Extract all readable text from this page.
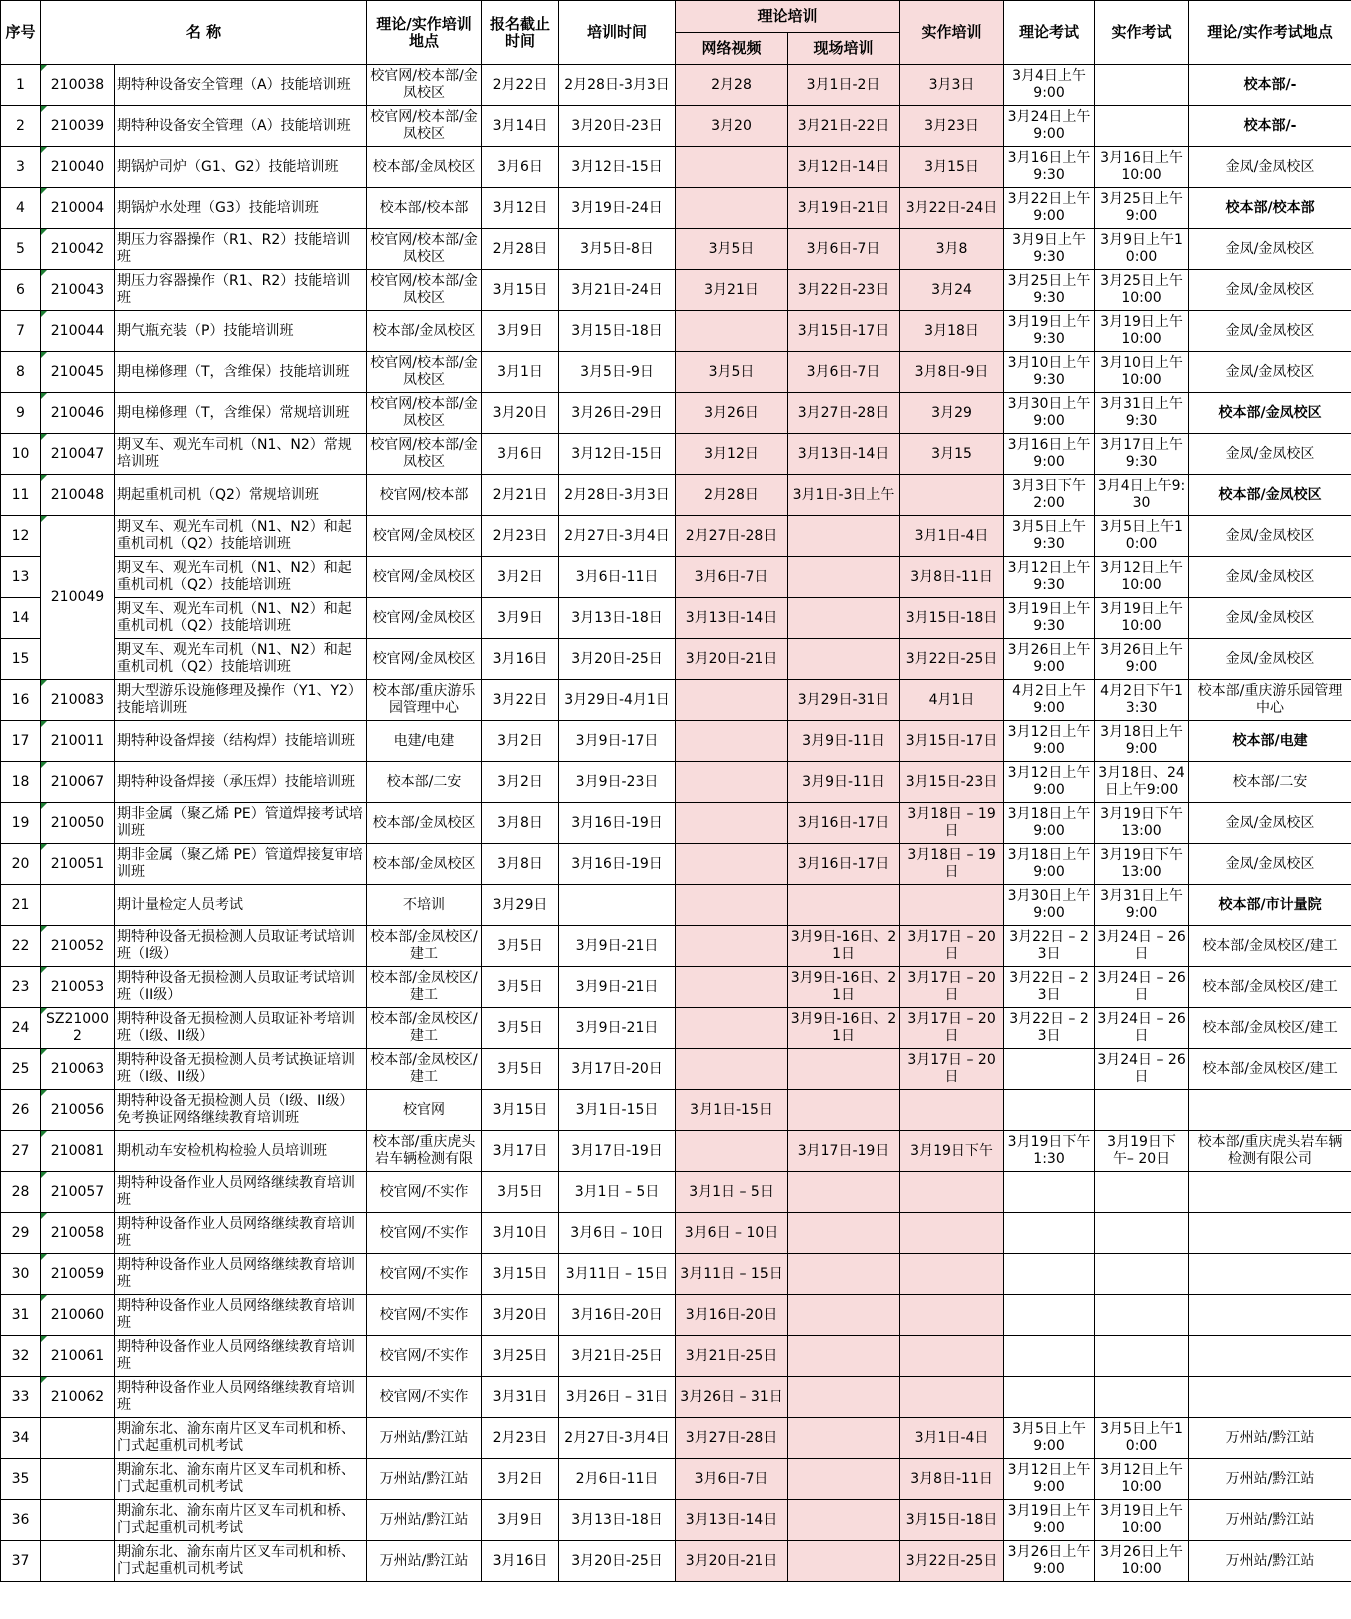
序号	名 称		理论/实作培训地点	报名截止时间	培训时间	理论培训		实作培训	理论考试	实作考试	理论/实作考试地点
						网络视频	现场培训				
1	210038	期特种设备安全管理（A）技能培训班	校官网/校本部/金凤校区	2月22日	2月28日-3月3日	2月28	3月1日-2日	3月3日	3月4日上午9:00		校本部/-
2	210039	期特种设备安全管理（A）技能培训班	校官网/校本部/金凤校区	3月14日	3月20日-23日	3月20	3月21日-22日	3月23日	3月24日上午9:00		校本部/-
3	210040	期锅炉司炉（G1、G2）技能培训班	校本部/金凤校区	3月6日	3月12日-15日		3月12日-14日	3月15日	3月16日上午9:30	3月16日上午10:00	金凤/金凤校区
4	210004	期锅炉水处理（G3）技能培训班	校本部/校本部	3月12日	3月19日-24日		3月19日-21日	3月22日-24日	3月22日上午9:00	3月25日上午9:00	校本部/校本部
5	210042	期压力容器操作（R1、R2）技能培训班	校官网/校本部/金凤校区	2月28日	3月5日-8日	3月5日	3月6日-7日	3月8	3月9日上午9:30	3月9日上午10:00	金凤/金凤校区
6	210043	期压力容器操作（R1、R2）技能培训班	校官网/校本部/金凤校区	3月15日	3月21日-24日	3月21日	3月22日-23日	3月24	3月25日上午9:30	3月25日上午10:00	金凤/金凤校区
7	210044	期气瓶充装（P）技能培训班	校本部/金凤校区	3月9日	3月15日-18日		3月15日-17日	3月18日	3月19日上午9:30	3月19日上午10:00	金凤/金凤校区
8	210045	期电梯修理（T，含维保）技能培训班	校官网/校本部/金凤校区	3月1日	3月5日-9日	3月5日	3月6日-7日	3月8日-9日	3月10日上午9:30	3月10日上午10:00	金凤/金凤校区
9	210046	期电梯修理（T，含维保）常规培训班	校官网/校本部/金凤校区	3月20日	3月26日-29日	3月26日	3月27日-28日	3月29	3月30日上午9:00	3月31日上午9:30	校本部/金凤校区
10	210047	期叉车、观光车司机（N1、N2）常规培训班	校官网/校本部/金凤校区	3月6日	3月12日-15日	3月12日	3月13日-14日	3月15	3月16日上午9:00	3月17日上午9:30	金凤/金凤校区
11	210048	期起重机司机（Q2）常规培训班	校官网/校本部	2月21日	2月28日-3月3日	2月28日	3月1日-3日上午		3月3日下午2:00	3月4日上午9:30	校本部/金凤校区
12	210049	期叉车、观光车司机（N1、N2）和起重机司机（Q2）技能培训班	校官网/金凤校区	2月23日	2月27日-3月4日	2月27日-28日		3月1日-4日	3月5日上午9:30	3月5日上午10:00	金凤/金凤校区
13		期叉车、观光车司机（N1、N2）和起重机司机（Q2）技能培训班	校官网/金凤校区	3月2日	3月6日-11日	3月6日-7日		3月8日-11日	3月12日上午9:30	3月12日上午10:00	金凤/金凤校区
14		期叉车、观光车司机（N1、N2）和起重机司机（Q2）技能培训班	校官网/金凤校区	3月9日	3月13日-18日	3月13日-14日		3月15日-18日	3月19日上午9:30	3月19日上午10:00	金凤/金凤校区
15		期叉车、观光车司机（N1、N2）和起重机司机（Q2）技能培训班	校官网/金凤校区	3月16日	3月20日-25日	3月20日-21日		3月22日-25日	3月26日上午9:00	3月26日上午9:00	金凤/金凤校区
16	210083	期大型游乐设施修理及操作（Y1、Y2）技能培训班	校本部/重庆游乐园管理中心	3月22日	3月29日-4月1日		3月29日-31日	4月1日	4月2日上午9:00	4月2日下午13:30	校本部/重庆游乐园管理中心
17	210011	期特种设备焊接（结构焊）技能培训班	电建/电建	3月2日	3月9日-17日		3月9日-11日	3月15日-17日	3月12日上午9:00	3月18日上午9:00	校本部/电建
18	210067	期特种设备焊接（承压焊）技能培训班	校本部/二安	3月2日	3月9日-23日		3月9日-11日	3月15日-23日	3月12日上午9:00	3月18日、24日上午9:00	校本部/二安
19	210050	期非金属（聚乙烯 PE）管道焊接考试培训班	校本部/金凤校区	3月8日	3月16日-19日		3月16日-17日	3月18日 – 19日	3月18日上午9:00	3月19日下午13:00	金凤/金凤校区
20	210051	期非金属（聚乙烯 PE）管道焊接复审培训班	校本部/金凤校区	3月8日	3月16日-19日		3月16日-17日	3月18日 – 19日	3月18日上午9:00	3月19日下午13:00	金凤/金凤校区
21		期计量检定人员考试	不培训	3月29日					3月30日上午9:00	3月31日上午9:00	校本部/市计量院
22	210052	期特种设备无损检测人员取证考试培训班（I级）	校本部/金凤校区/建工	3月5日	3月9日-21日		3月9日-16日、21日	3月17日 – 20日	3月22日 – 23日	3月24日 – 26日	校本部/金凤校区/建工
23	210053	期特种设备无损检测人员取证考试培训班（II级）	校本部/金凤校区/建工	3月5日	3月9日-21日		3月9日-16日、21日	3月17日 – 20日	3月22日 – 23日	3月24日 – 26日	校本部/金凤校区/建工
24	SZ210002	期特种设备无损检测人员取证补考培训班（I级、II级）	校本部/金凤校区/建工	3月5日	3月9日-21日		3月9日-16日、21日	3月17日 – 20日	3月22日 – 23日	3月24日 – 26日	校本部/金凤校区/建工
25	210063	期特种设备无损检测人员考试换证培训班（I级、II级）	校本部/金凤校区/建工	3月5日	3月17日-20日			3月17日 – 20日		3月24日 – 26日	校本部/金凤校区/建工
26	210056	期特种设备无损检测人员（I级、II级）免考换证网络继续教育培训班	校官网	3月15日	3月1日-15日	3月1日-15日					
27	210081	期机动车安检机构检验人员培训班	校本部/重庆虎头岩车辆检测有限	3月17日	3月17日-19日		3月17日-19日	3月19日下午	3月19日下午1:30	3月19日下午– 20日	校本部/重庆虎头岩车辆检测有限公司
28	210057	期特种设备作业人员网络继续教育培训班	校官网/不实作	3月5日	3月1日 – 5日	3月1日 – 5日					
29	210058	期特种设备作业人员网络继续教育培训班	校官网/不实作	3月10日	3月6日 – 10日	3月6日 – 10日					
30	210059	期特种设备作业人员网络继续教育培训班	校官网/不实作	3月15日	3月11日 – 15日	3月11日 – 15日					
31	210060	期特种设备作业人员网络继续教育培训班	校官网/不实作	3月20日	3月16日-20日	3月16日-20日					
32	210061	期特种设备作业人员网络继续教育培训班	校官网/不实作	3月25日	3月21日-25日	3月21日-25日					
33	210062	期特种设备作业人员网络继续教育培训班	校官网/不实作	3月31日	3月26日 – 31日	3月26日 – 31日					
34		期渝东北、渝东南片区叉车司机和桥、门式起重机司机考试	万州站/黔江站	2月23日	2月27日-3月4日	3月27日-28日		3月1日-4日	3月5日上午9:00	3月5日上午10:00	万州站/黔江站
35		期渝东北、渝东南片区叉车司机和桥、门式起重机司机考试	万州站/黔江站	3月2日	2月6日-11日	3月6日-7日		3月8日-11日	3月12日上午9:00	3月12日上午10:00	万州站/黔江站
36		期渝东北、渝东南片区叉车司机和桥、门式起重机司机考试	万州站/黔江站	3月9日	3月13日-18日	3月13日-14日		3月15日-18日	3月19日上午9:00	3月19日上午10:00	万州站/黔江站
37		期渝东北、渝东南片区叉车司机和桥、门式起重机司机考试	万州站/黔江站	3月16日	3月20日-25日	3月20日-21日		3月22日-25日	3月26日上午9:00	3月26日上午10:00	万州站/黔江站
